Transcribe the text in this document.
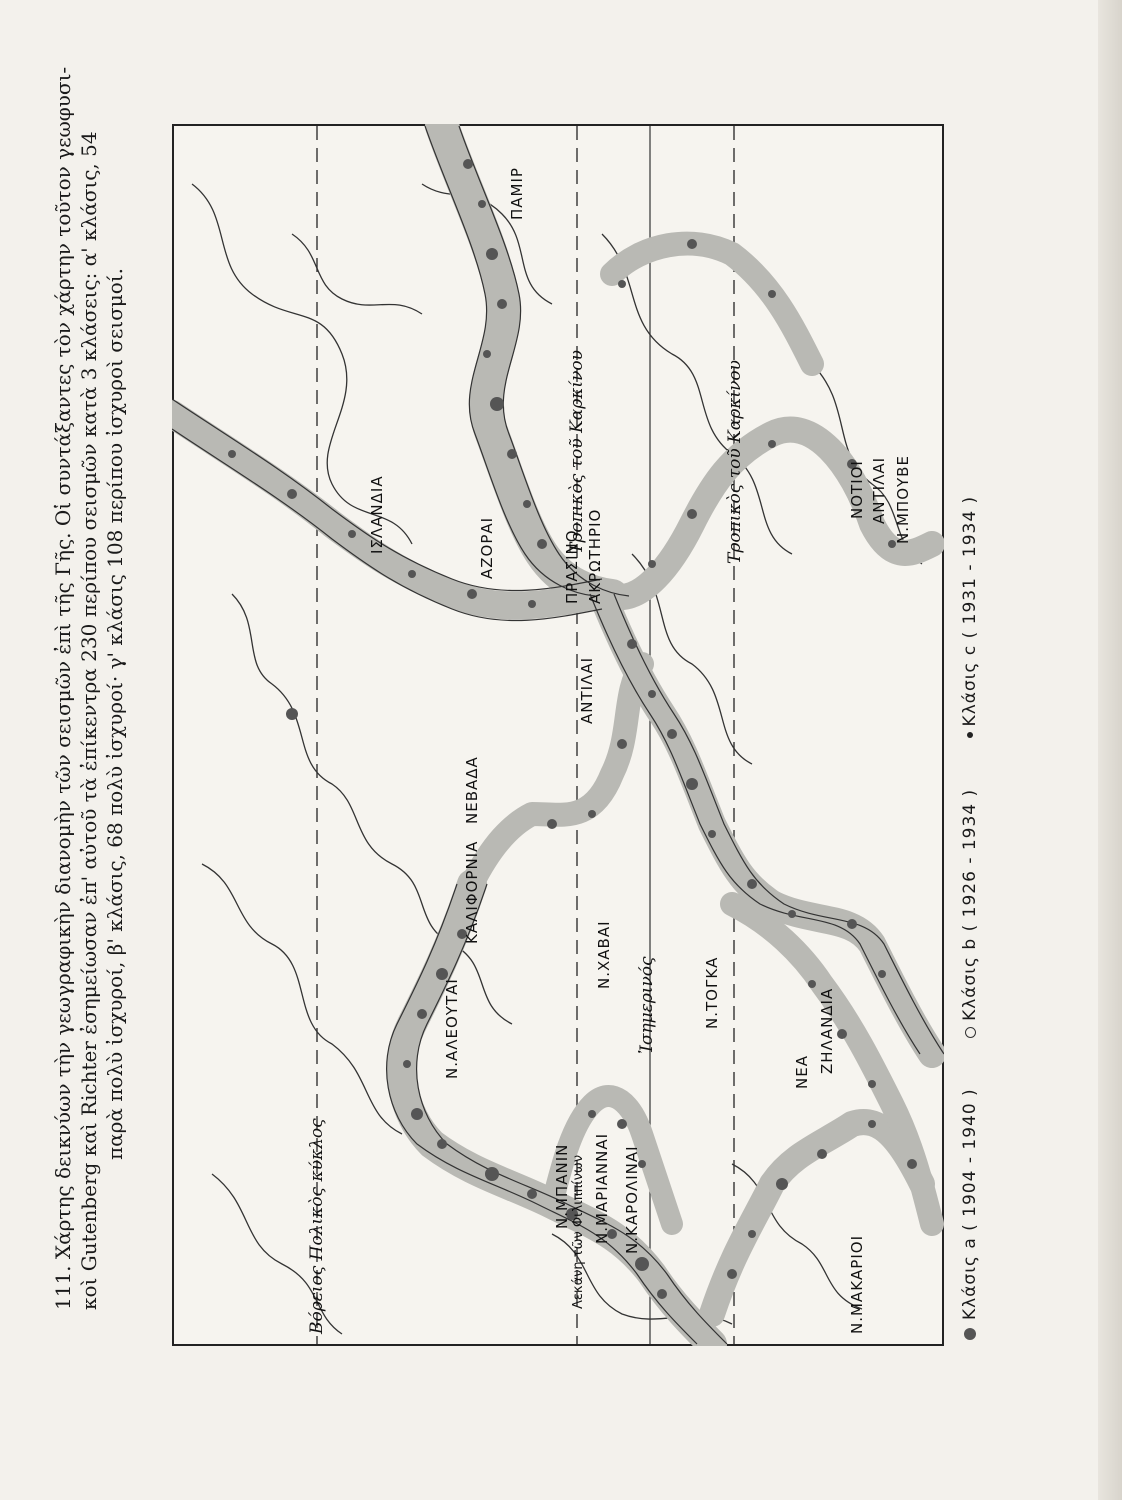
111. Χάρτης δεικνύων τὴν γεωγραφικὴν διανομὴν τῶν σεισμῶν ἐπὶ τῆς Γῆς. Οἱ συντάξαντες τὸν χάρτην τοῦτον γεωφυσι- κοὶ Gutenberg καὶ Richter ἐσημείωσαν ἐπ' αὐτοῦ τὰ ἐπίκεντρα 230 περίπου σεισμῶν κατὰ 3 κλάσεις: α' κλάσις, 54 παρὰ πολὺ ἰσχυροί, β' κλάσις, 68 πολὺ ἰσχυροί· γ' κλάσις 108 περίπου ἰσχυροὶ σεισμοί.
Βόρειος Πολικὸς κύκλος
ΙΣΛΑΝΔΙΑ	ΑΖΟΡΑΙ
ΠΑΜΙΡ
Τροπικὸς τοῦ Καρκίνου
ΠΡΑΣΙΝΟ ΑΚΡΩΤΗΡΙΟ
ΑΝΤΙΛΑΙ
Τροπικὸς τοῦ Καρκίνου	ΝΟΤΙΟΙ ΑΝΤΙΛΑΙ Ν.ΜΠΟΥΒΕ
ΝΕΒΑΔΑ
ΚΑΛΙΦΟΡΝΙΑ
Ν.ΧΑΒΑΙ
Ν.ΑΛΕΟΥΤΑΙ	Ἰσημερινός	Ν.ΤΟΓΚΑ
ΝΕΑ ΖΗΛΑΝΔΙΑ
Ν.ΜΠΑΝΙΝ Ν.ΜΑΡΙΑΝΝΑΙ Ν.ΚΑΡΟΛΙΝΑΙ
Ν.ΜΑΚΑΡΙΟΙ
Λεκάνη τῶν Φιλιππίνων	Κλάσις a ( 1904 - 1940 ) Κλάσις b ( 1926 - 1934 ) Κλάσις c ( 1931 - 1934 )
